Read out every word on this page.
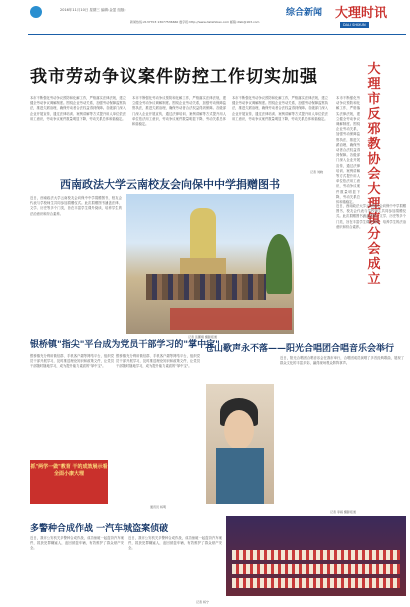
2016年11月10日 星期三 编辑:金盈 组版:
新闻热线:2137703 13077536660 数字报:http://www.dalishibao.com 邮箱:dlsb@163.com
综合新闻 大理时讯
DALI SHIXUN
我市劳动争议案件防控工作切实加强	大理市反邪教协会大理镇分会成立
本市不断强化劳动争议预防和化解工作，严格落实法律法规，建立健全劳动争议调解制度。围绕企业劳动关系，加强劳动保障监察执法，推进欠薪治理，确保劳动者合法权益得到保障。各级部门深入企业开展宣传，通过法律培训、案例讲解等方式提升用人单位依法用工意识，劳动争议案件数量明显下降，劳动关系总体和谐稳定。
本市不断强化劳动争议预防和化解工作，严格落实法律法规，建立健全劳动争议调解制度。围绕企业劳动关系，加强劳动保障监察执法，推进欠薪治理，确保劳动者合法权益得到保障。各级部门深入企业开展宣传，通过法律培训、案例讲解等方式提升用人单位依法用工意识，劳动争议案件数量明显下降，劳动关系总体和谐稳定。
本市不断强化劳动争议预防和化解工作，严格落实法律法规，建立健全劳动争议调解制度。围绕企业劳动关系，加强劳动保障监察执法，推进欠薪治理，确保劳动者合法权益得到保障。各级部门深入企业开展宣传，通过法律培训、案例讲解等方式提升用人单位依法用工意识，劳动争议案件数量明显下降，劳动关系总体和谐稳定。
记者 刘晓
本市不断强化劳动争议预防和化解工作，严格落实法律法规，建立健全劳动争议调解制度。围绕企业劳动关系，加强劳动保障监察执法，推进欠薪治理，确保劳动者合法权益得到保障。各级部门深入企业开展宣传，通过法律培训、案例讲解等方式提升用人单位依法用工意识，劳动争议案件数量明显下降，劳动关系总体和谐稳定。
近日，西南政法大学云南校友会向保中中学捐赠图书，校友会代表与学校师生共同参加捐赠仪式。此次捐赠图书涵盖法律、文学、历史等多个门类，旨在丰富学生课外阅读，培养学生的法治意识和综合素养。
西南政法大学云南校友会向保中中学捐赠图书
近日，西南政法大学云南校友会向保中中学捐赠图书，校友会代表与学校师生共同参加捐赠仪式。此次捐赠图书涵盖法律、文学、历史等多个门类，旨在丰富学生课外阅读，培养学生的法治意识和综合素养。
记者 张鹏翔 摄影报道
银桥镇"指尖"平台成为党员干部学习的"掌中宝"
银桥镇充分利用微信群、手机客户端等网络平台，组织党员干部开展学习，及时推送理论知识和政策文件，让党员干部随时随地学习，成为提升能力素质的"掌中宝"。
银桥镇充分利用微信群、手机客户端等网络平台，组织党员干部开展学习，及时推送理论知识和政策文件，让党员干部随时随地学习，成为提升能力素质的"掌中宝"。
抓"两学一做"教育 干的成效展示看全面小康大理
通讯员 杨明
苍山歌声永不落——阳光合唱团合唱音乐会举行
近日，阳光合唱团合唱音乐会在我市举行，合唱团成员演唱了多首经典歌曲，展现了群众文化的丰富多彩，赢得现场观众阵阵掌声。
记者 李娟 摄影报道
多警种合成作战 一汽车城盗案侦破
近日，我市公安机关多警种合成作战，成功侦破一起盗窃汽车案件，抓获犯罪嫌疑人，追回被盗车辆，有效维护了群众财产安全。
近日，我市公安机关多警种合成作战，成功侦破一起盗窃汽车案件，抓获犯罪嫌疑人，追回被盗车辆，有效维护了群众财产安全。
记者 杨宁
